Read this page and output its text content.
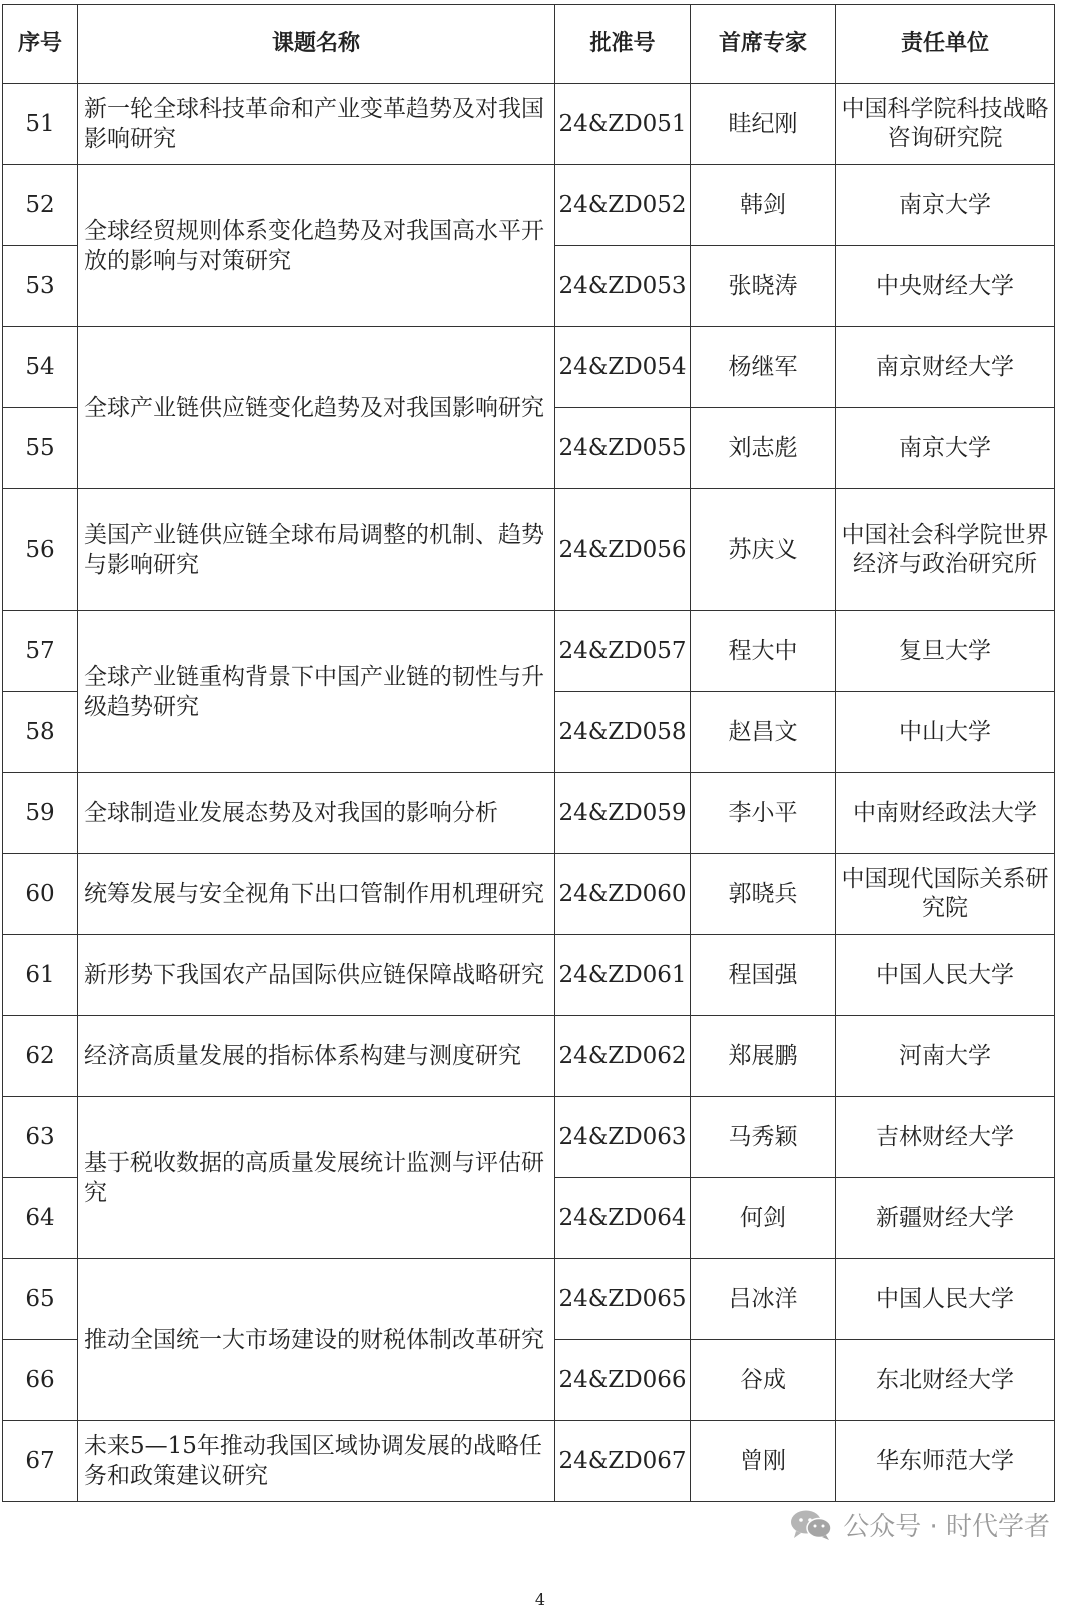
序号	课题名称	批准号	首席专家	责任单位
51	新一轮全球科技革命和产业变革趋势及对我国影响研究	24&ZD051	眭纪刚	中国科学院科技战略咨询研究院
52	全球经贸规则体系变化趋势及对我国高水平开放的影响与对策研究	24&ZD052	韩剑	南京大学
53		24&ZD053	张晓涛	中央财经大学
54	全球产业链供应链变化趋势及对我国影响研究	24&ZD054	杨继军	南京财经大学
55		24&ZD055	刘志彪	南京大学
56	美国产业链供应链全球布局调整的机制、趋势与影响研究	24&ZD056	苏庆义	中国社会科学院世界经济与政治研究所
57	全球产业链重构背景下中国产业链的韧性与升级趋势研究	24&ZD057	程大中	复旦大学
58		24&ZD058	赵昌文	中山大学
59	全球制造业发展态势及对我国的影响分析	24&ZD059	李小平	中南财经政法大学
60	统筹发展与安全视角下出口管制作用机理研究	24&ZD060	郭晓兵	中国现代国际关系研究院
61	新形势下我国农产品国际供应链保障战略研究	24&ZD061	程国强	中国人民大学
62	经济高质量发展的指标体系构建与测度研究	24&ZD062	郑展鹏	河南大学
63	基于税收数据的高质量发展统计监测与评估研究	24&ZD063	马秀颖	吉林财经大学
64		24&ZD064	何剑	新疆财经大学
65	推动全国统一大市场建设的财税体制改革研究	24&ZD065	吕冰洋	中国人民大学
66		24&ZD066	谷成	东北财经大学
67	未来5—15年推动我国区域协调发展的战略任务和政策建议研究	24&ZD067	曾刚	华东师范大学
公众号 · 时代学者
4
